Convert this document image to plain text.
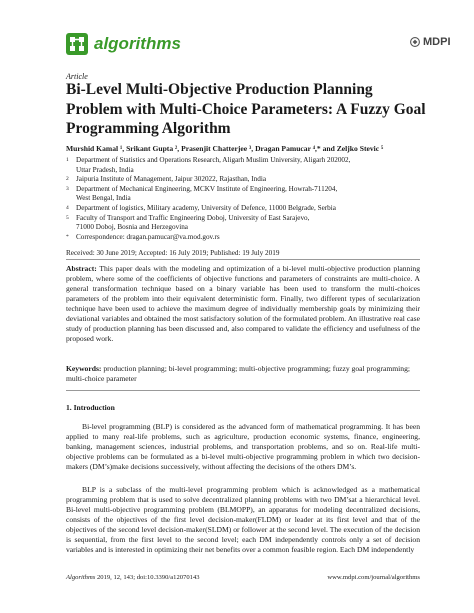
algorithms	MDPI
Article
Bi-Level Multi-Objective Production Planning Problem with Multi-Choice Parameters: A Fuzzy Goal Programming Algorithm
Murshid Kamal ¹, Srikant Gupta ², Prasenjit Chatterjee ³, Dragan Pamucar ⁴,* and Zeljko Stevic ⁵
1	Department of Statistics and Operations Research, Aligarh Muslim University, Aligarh 202002,
Uttar Pradesh, India
2	Jaipuria Institute of Management, Jaipur 302022, Rajasthan, India
3	Department of Mechanical Engineering, MCKV Institute of Engineering, Howrah-711204,
West Bengal, India
4	Department of logistics, Military academy, University of Defence, 11000 Belgrade, Serbia
5	Faculty of Transport and Traffic Engineering Doboj, University of East Sarajevo,
71000 Doboj, Bosnia and Herzegovina
*	Correspondence: dragan.pamucar@va.mod.gov.rs
Received: 30 June 2019; Accepted: 16 July 2019; Published: 19 July 2019
Abstract: This paper deals with the modeling and optimization of a bi-level multi-objective production planning problem, where some of the coefficients of objective functions and parameters of constraints are multi-choice. A general transformation technique based on a binary variable has been used to transform the multi-choices parameters of the problem into their equivalent deterministic form. Finally, two different types of secularization technique have been used to achieve the maximum degree of individually membership goals by minimizing their deviational variables and obtained the most satisfactory solution of the formulated problem. An illustrative real case study of production planning has been discussed and, also compared to validate the efficiency and usefulness of the proposed work.
Keywords: production planning; bi-level programming; multi-objective programming; fuzzy goal programming; multi-choice parameter
1. Introduction

Bi-level programming (BLP) is considered as the advanced form of mathematical programming. It has been applied to many real-life problems, such as agriculture, production economic systems, finance, engineering, banking, management sciences, industrial problems, and transportation problems, and so on. Real-life multi-objective problems can be formulated as a bi-level multi-objective programming problem in which two decision-makers (DM’s)make decisions successively, without affecting the decisions of the others DM’s.

BLP is a subclass of the multi-level programming problem which is acknowledged as a mathematical programming problem that is used to solve decentralized planning problems with two DM’sat a hierarchical level. Bi-level multi-objective programming problem (BLMOPP), an apparatus for modeling decentralized decisions, consists of the objectives of the first level decision-maker(FLDM) or leader at its first level and that of the objectives of the second level decision-maker(SLDM) or follower at the second level. The execution of the decision is sequential, from the first level to the second level; each DM independently controls only a set of decision variables and is interested in optimizing their net benefits over a common feasible region. Each DM independently

Algorithms 2019, 12, 143; doi:10.3390/a12070143	www.mdpi.com/journal/algorithms
